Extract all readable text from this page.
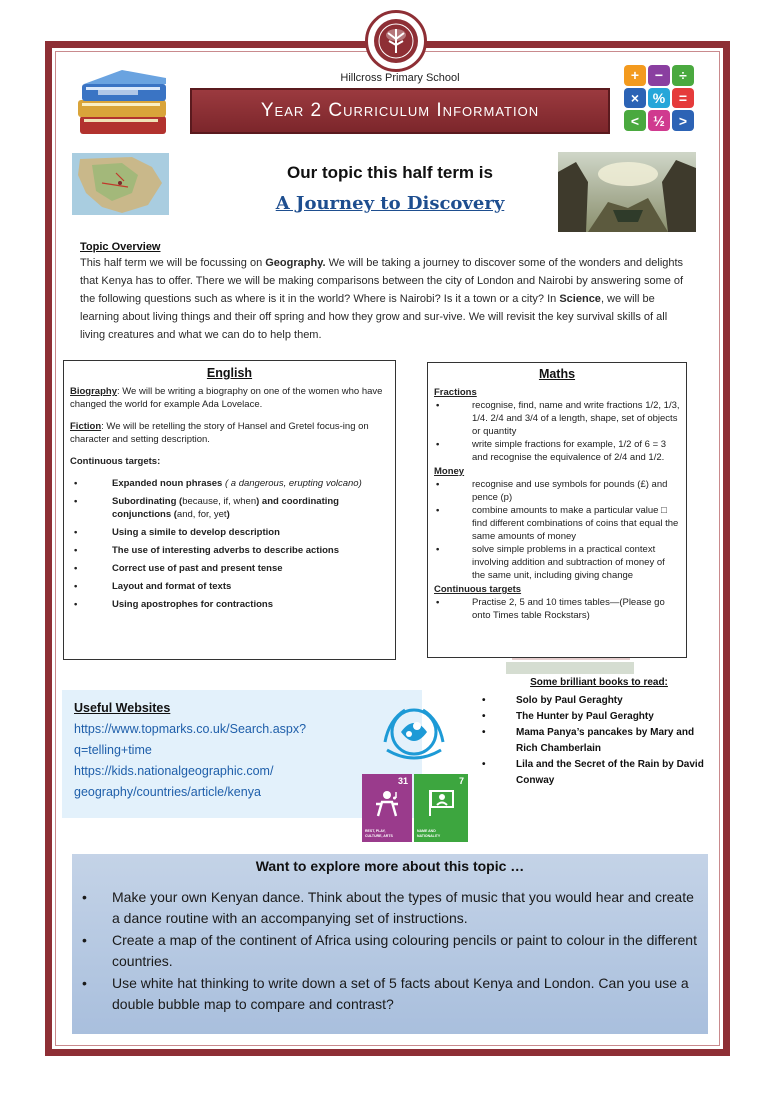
Hillcross Primary School
Year 2 Curriculum Information
+	−	÷
× % =
<	½	>
Our topic this half term is
A Journey to Discovery
Topic Overview
This half term we will be focussing on Geography. We will be taking a journey to discover some of the wonders and delights that Kenya has to offer. There we will be making comparisons between the city of London and Nairobi by answering some of the following questions such as where is it in the world? Where is Nairobi? Is it a town or a city? In Science, we will be learning about living things and their off spring and how they grow and sur-vive. We will revisit the key survival skills of all living creatures and what we can do to help them.
English

Biography: We will be writing a biography on one of the women who have changed the world for example Ada Lovelace.

Fiction: We will be retelling the story of Hansel and Gretel focus-ing on character and setting description.

Continuous targets:

• Expanded noun phrases ( a dangerous, erupting volcano)
• Subordinating (because, if, when) and coordinating conjunctions (and, for, yet)
• Using a simile to develop description
• The use of interesting adverbs to describe actions
• Correct use of past and present tense
• Layout and format of texts
• Using apostrophes for contractions
Maths
Fractions
• recognise, find, name and write fractions 1/2, 1/3, 1/4. 2/4 and 3/4 of a length, shape, set of objects or quantity
• write simple fractions for example, 1/2 of 6 = 3 and recognise the equivalence of 2/4 and 1/2.
Money
• recognise and use symbols for pounds (£) and pence (p)
• combine amounts to make a particular value □ find different combinations of coins that equal the same amounts of money
• solve simple problems in a practical context involving addition and subtraction of money of the same unit, including giving change
Continuous targets
• Practise 2, 5 and 10 times tables—(Please go onto Times table Rockstars)
Useful Websites
https://www.topmarks.co.uk/Search.aspx?
q=telling+time
https://kids.nationalgeographic.com/
geography/countries/article/kenya
31
REST, PLAY,
CULTURE, ARTS
7
NAME AND
NATIONALITY
Some brilliant books to read:
• Solo by Paul Geraghty
• The Hunter by Paul Geraghty
• Mama Panya’s pancakes by Mary and Rich Chamberlain
• Lila and the Secret of the Rain by David Conway
Want to explore more about this topic …
• Make your own Kenyan dance. Think about the types of music that you would hear and create a dance routine with an accompanying set of instructions.
• Create a map of the continent of Africa using colouring pencils or paint to colour in the different countries.
• Use white hat thinking to write down a set of 5 facts about Kenya and London. Can you use a double bubble map to compare and contrast?
